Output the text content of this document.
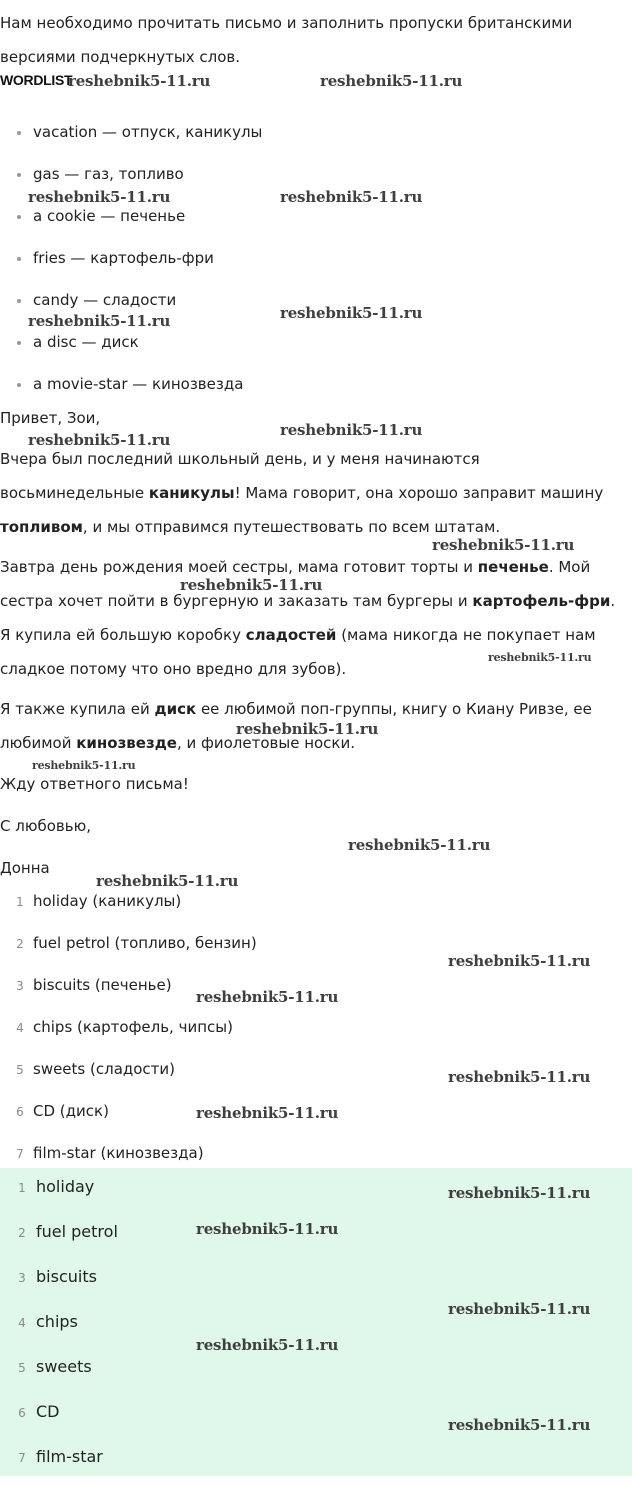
Нам необходимо прочитать письмо и заполнить пропуски британскими версиями подчеркнутых слов.
WORDLIST
vacation — отпуск, каникулы
gas — газ, топливо
a cookie — печенье
fries — картофель-фри
candy — сладости
a disc — диск
a movie-star — кинозвезда
Привет, Зои,
Вчера был последний школьный день, и у меня начинаются восьминедельные каникулы! Мама говорит, она хорошо заправит машину топливом, и мы отправимся путешествовать по всем штатам.
Завтра день рождения моей сестры, мама готовит торты и печенье. Мой сестра хочет пойти в бургерную и заказать там бургеры и картофель-фри. Я купила ей большую коробку сладостей (мама никогда не покупает нам сладкое потому что оно вредно для зубов).
Я также купила ей диск ее любимой поп-группы, книгу о Киану Ривзе, ее любимой кинозвезде, и фиолетовые носки.
Жду ответного письма!
С любовью,
Донна
1 holiday (каникулы)
2 fuel petrol (топливо, бензин)
3 biscuits (печенье)
4 chips (картофель, чипсы)
5 sweets (сладости)
6 CD (диск)
7 film-star (кинозвезда)
1 holiday
2 fuel petrol
3 biscuits
4 chips
5 sweets
6 CD
7 film-star
reshebnik5-11.ru	reshebnik5-11.ru
reshebnik5-11.ru	reshebnik5-11.ru
reshebnik5-11.ru	reshebnik5-11.ru
reshebnik5-11.ru
reshebnik5-11.ru
reshebnik5-11.ru
reshebnik5-11.ru
reshebnik5-11.ru
reshebnik5-11.ru
reshebnik5-11.ru
reshebnik5-11.ru
reshebnik5-11.ru
reshebnik5-11.ru
reshebnik5-11.ru
reshebnik5-11.ru
reshebnik5-11.ru
reshebnik5-11.ru
reshebnik5-11.ru
reshebnik5-11.ru
reshebnik5-11.ru
reshebnik5-11.ru
